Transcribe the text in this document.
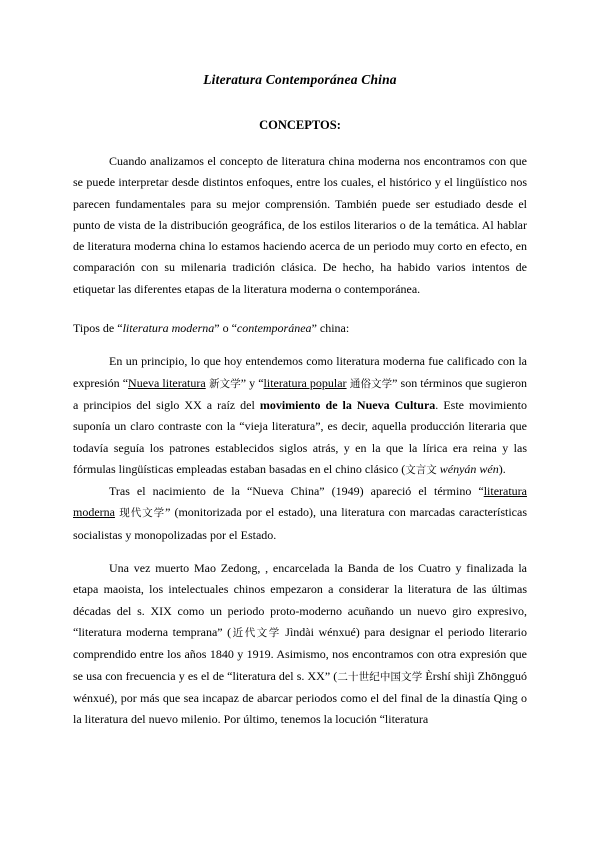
Literatura Contemporánea China
CONCEPTOS:

Cuando analizamos el concepto de literatura china moderna nos encontramos con que se puede interpretar desde distintos enfoques, entre los cuales, el histórico y el lingüístico nos parecen fundamentales para su mejor comprensión. También puede ser estudiado desde el punto de vista de la distribución geográfica, de los estilos literarios o de la temática. Al hablar de literatura moderna china lo estamos haciendo acerca de un periodo muy corto en efecto, en comparación con su milenaria tradición clásica. De hecho, ha habido varios intentos de etiquetar las diferentes etapas de la literatura moderna o contemporánea.

Tipos de “literatura moderna” o “contemporánea” china:

En un principio, lo que hoy entendemos como literatura moderna fue calificado con la expresión “Nueva literatura 新文学” y “literatura popular 通俗文学” son términos que sugieron a principios del siglo XX a raíz del movimiento de la Nueva Cultura. Este movimiento suponía un claro contraste con la “vieja literatura”, es decir, aquella producción literaria que todavía seguía los patrones establecidos siglos atrás, y en la que la lírica era reina y las fórmulas lingüísticas empleadas estaban basadas en el chino clásico (文言文 wényán wén).

Tras el nacimiento de la “Nueva China” (1949) apareció el término “literatura moderna 现代文学” (monitorizada por el estado), una literatura con marcadas características socialistas y monopolizadas por el Estado.

Una vez muerto Mao Zedong, , encarcelada la Banda de los Cuatro y finalizada la etapa maoista, los intelectuales chinos empezaron a considerar la literatura de las últimas décadas del s. XIX como un periodo proto-moderno acuñando un nuevo giro expresivo, “literatura moderna temprana” (近代文学 Jìndài wénxué) para designar el periodo literario comprendido entre los años 1840 y 1919. Asimismo, nos encontramos con otra expresión que se usa con frecuencia y es el de “literatura del s. XX” (二十世纪中国文学 Èrshí shìjì Zhōngguó wénxué), por más que sea incapaz de abarcar periodos como el del final de la dinastía Qing o la literatura del nuevo milenio. Por último, tenemos la locución “literatura
